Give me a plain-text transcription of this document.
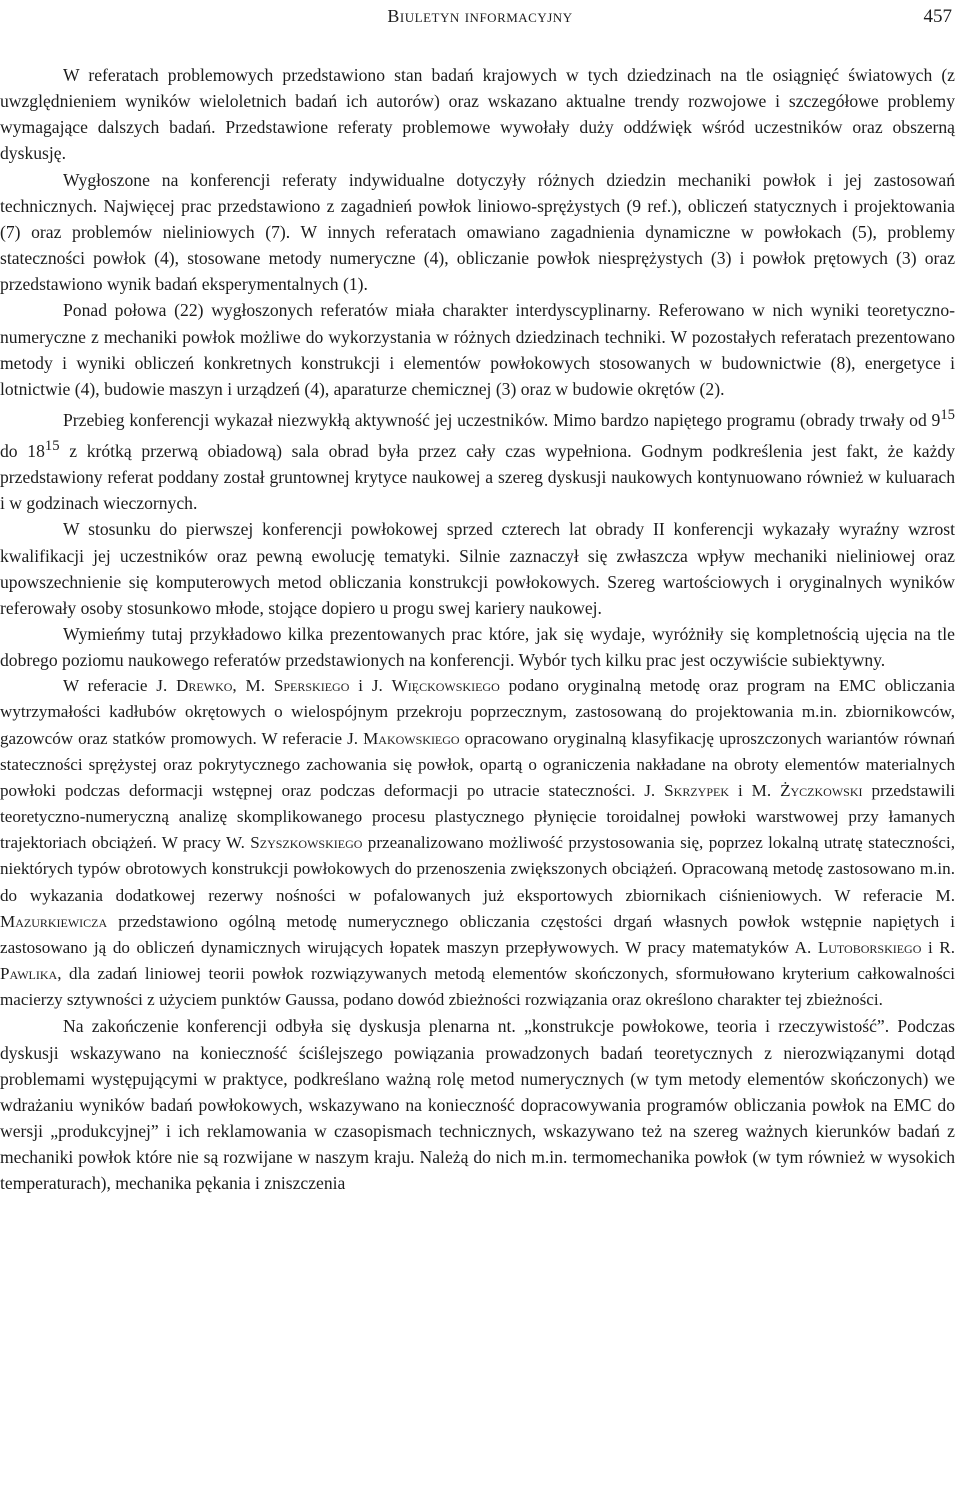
Biuletyn informacyjny	457

W referatach problemowych przedstawiono stan badań krajowych w tych dziedzinach na tle osiągnięć światowych (z uwzględnieniem wyników wieloletnich badań ich autorów) oraz wskazano aktualne trendy rozwojowe i szczegółowe problemy wymagające dalszych badań. Przedstawione referaty problemowe wywołały duży oddźwięk wśród uczestników oraz obszerną dyskusję.

Wygłoszone na konferencji referaty indywidualne dotyczyły różnych dziedzin mechaniki powłok i jej zastosowań technicznych. Najwięcej prac przedstawiono z zagadnień powłok liniowo-sprężystych (9 ref.), obliczeń statycznych i projektowania (7) oraz problemów nieliniowych (7). W innych referatach omawiano zagadnienia dynamiczne w powłokach (5), problemy stateczności powłok (4), stosowane metody numeryczne (4), obliczanie powłok niesprężystych (3) i powłok prętowych (3) oraz przedstawiono wynik badań eksperymentalnych (1).

Ponad połowa (22) wygłoszonych referatów miała charakter interdyscyplinarny. Referowano w nich wyniki teoretyczno-numeryczne z mechaniki powłok możliwe do wykorzystania w różnych dziedzinach techniki. W pozostałych referatach prezentowano metody i wyniki obliczeń konkretnych konstrukcji i elementów powłokowych stosowanych w budownictwie (8), energetyce i lotnictwie (4), budowie maszyn i urządzeń (4), aparaturze chemicznej (3) oraz w budowie okrętów (2).

Przebieg konferencji wykazał niezwykłą aktywność jej uczestników. Mimo bardzo napiętego programu (obrady trwały od $9^{15}$ do $18^{15}$ z krótką przerwą obiadową) sala obrad była przez cały czas wypełniona. Godnym podkreślenia jest fakt, że każdy przedstawiony referat poddany został gruntownej krytyce naukowej a szereg dyskusji naukowych kontynuowano również w kuluarach i w godzinach wieczornych.

W stosunku do pierwszej konferencji powłokowej sprzed czterech lat obrady II konferencji wykazały wyraźny wzrost kwalifikacji jej uczestników oraz pewną ewolucję tematyki. Silnie zaznaczył się zwłaszcza wpływ mechaniki nieliniowej oraz upowszechnienie się komputerowych metod obliczania konstrukcji powłokowych. Szereg wartościowych i oryginalnych wyników referowały osoby stosunkowo młode, stojące dopiero u progu swej kariery naukowej.

Wymieńmy tutaj przykładowo kilka prezentowanych prac które, jak się wydaje, wyróżniły się kompletnością ujęcia na tle dobrego poziomu naukowego referatów przedstawionych na konferencji. Wybór tych kilku prac jest oczywiście subiektywny.

W referacie J. Drewko, M. Sperskiego i J. Więckowskiego podano oryginalną metodę oraz program na EMC obliczania wytrzymałości kadłubów okrętowych o wielospójnym przekroju poprzecznym, zastosowaną do projektowania m.in. zbiornikowców, gazowców oraz statków promowych. W referacie J. Makowskiego opracowano oryginalną klasyfikację uproszczonych wariantów równań stateczności sprężystej oraz pokrytycznego zachowania się powłok, opartą o ograniczenia nakładane na obroty elementów materialnych powłoki podczas deformacji wstępnej oraz podczas deformacji po utracie stateczności. J. Skrzypek i M. Życzkowski przedstawili teoretyczno-numeryczną analizę skomplikowanego procesu plastycznego płynięcie toroidalnej powłoki warstwowej przy łamanych trajektoriach obciążeń. W pracy W. Szyszkowskiego przeanalizowano możliwość przystosowania się, poprzez lokalną utratę stateczności, niektórych typów obrotowych konstrukcji powłokowych do przenoszenia zwiększonych obciążeń. Opracowaną metodę zastosowano m.in. do wykazania dodatkowej rezerwy nośności w pofalowanych już eksportowych zbiornikach ciśnieniowych. W referacie M. Mazurkiewicza przedstawiono ogólną metodę numerycznego obliczania częstości drgań własnych powłok wstępnie napiętych i zastosowano ją do obliczeń dynamicznych wirujących łopatek maszyn przepływowych. W pracy matematyków A. Lutoborskiego i R. Pawlika, dla zadań liniowej teorii powłok rozwiązywanych metodą elementów skończonych, sformułowano kryterium całkowalności macierzy sztywności z użyciem punktów Gaussa, podano dowód zbieżności rozwiązania oraz określono charakter tej zbieżności.

Na zakończenie konferencji odbyła się dyskusja plenarna nt. „konstrukcje powłokowe, teoria i rzeczywistość”. Podczas dyskusji wskazywano na konieczność ściślejszego powiązania prowadzonych badań teoretycznych z nierozwiązanymi dotąd problemami występującymi w praktyce, podkreślano ważną rolę metod numerycznych (w tym metody elementów skończonych) we wdrażaniu wyników badań powłokowych, wskazywano na konieczność dopracowywania programów obliczania powłok na EMC do wersji „produkcyjnej” i ich reklamowania w czasopismach technicznych, wskazywano też na szereg ważnych kierunków badań z mechaniki powłok które nie są rozwijane w naszym kraju. Należą do nich m.in. termomechanika powłok (w tym również w wysokich temperaturach), mechanika pękania i zniszczenia
